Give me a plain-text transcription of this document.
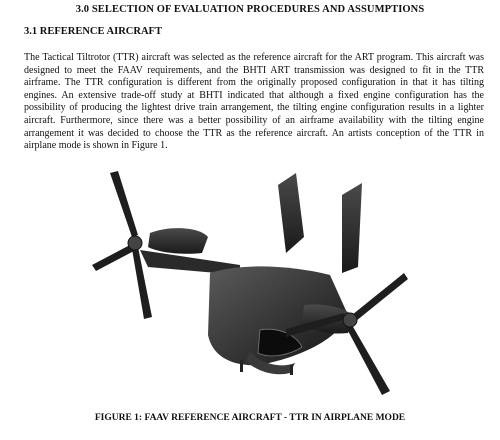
3.0 SELECTION OF EVALUATION PROCEDURES AND ASSUMPTIONS
3.1 REFERENCE AIRCRAFT
The Tactical Tiltrotor (TTR) aircraft was selected as the reference aircraft for the ART program. This aircraft was designed to meet the FAAV requirements, and the BHTI ART transmission was designed to fit in the TTR airframe. The TTR configuration is different from the originally proposed configuration in that it has tilting engines. An extensive trade-off study at BHTI indicated that although a fixed engine configuration has the possibility of producing the lightest drive train arrangement, the tilting engine configuration results in a lighter aircraft. Furthermore, since there was a better possibility of an airframe availability with the tilting engine arrangement it was decided to choose the TTR as the reference aircraft. An artists conception of the TTR in airplane mode is shown in Figure 1.
FIGURE 1: FAAV REFERENCE AIRCRAFT - TTR IN AIRPLANE MODE
